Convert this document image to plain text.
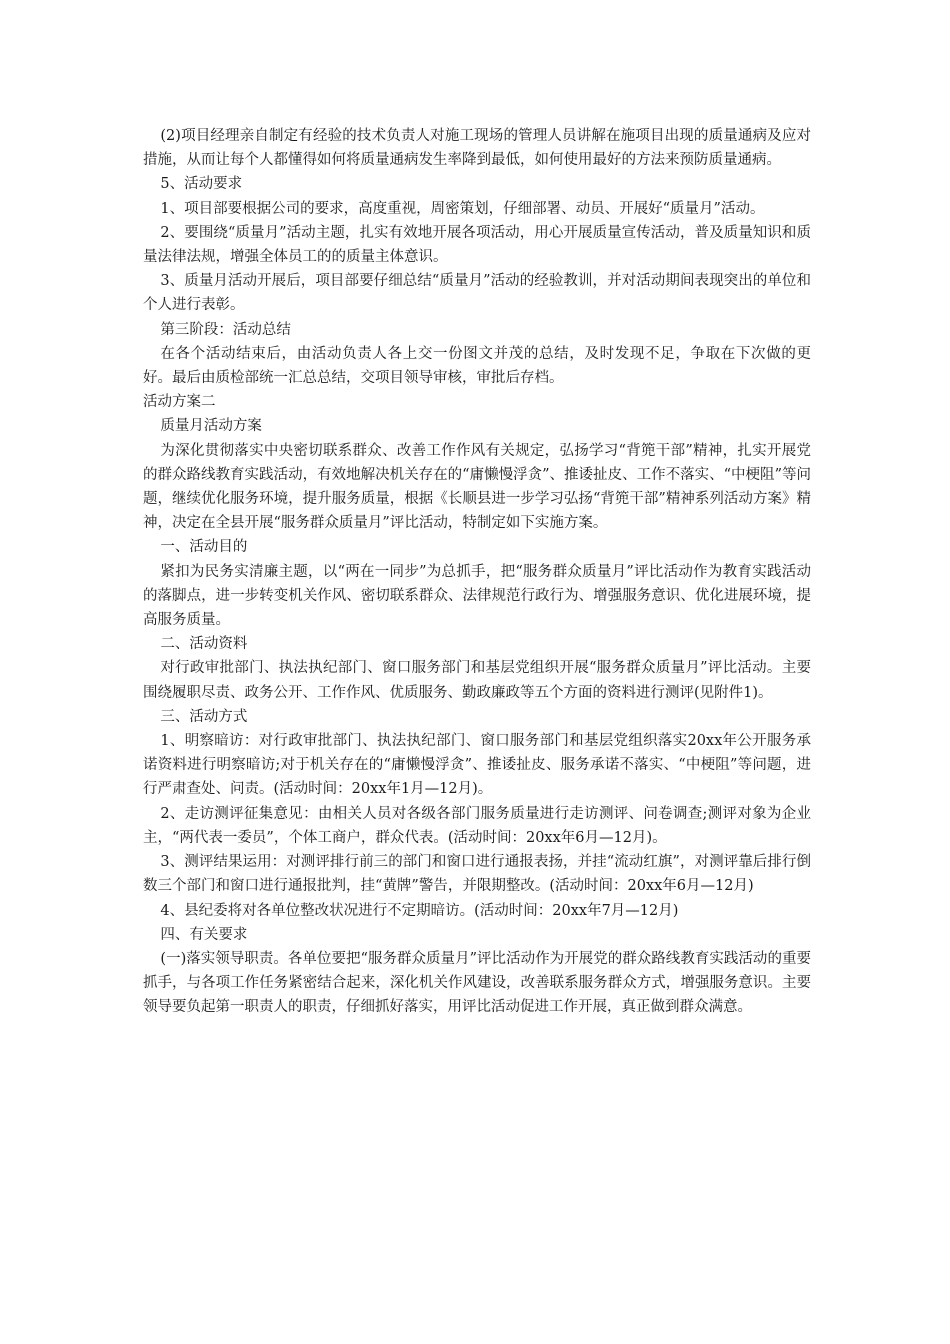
(2)项目经理亲自制定有经验的技术负责人对施工现场的管理人员讲解在施项目出现的质量通病及应对措施，从而让每个人都懂得如何将质量通病发生率降到最低，如何使用最好的方法来预防质量通病。

5、活动要求

1、项目部要根据公司的要求，高度重视，周密策划，仔细部署、动员、开展好“质量月”活动。

2、要围绕“质量月”活动主题，扎实有效地开展各项活动，用心开展质量宣传活动，普及质量知识和质量法律法规，增强全体员工的的质量主体意识。

3、质量月活动开展后，项目部要仔细总结“质量月”活动的经验教训，并对活动期间表现突出的单位和个人进行表彰。

第三阶段：活动总结

在各个活动结束后，由活动负责人各上交一份图文并茂的总结，及时发现不足，争取在下次做的更好。最后由质检部统一汇总总结，交项目领导审核，审批后存档。

活动方案二

质量月活动方案

为深化贯彻落实中央密切联系群众、改善工作作风有关规定，弘扬学习“背篼干部”精神，扎实开展党的群众路线教育实践活动，有效地解决机关存在的“庸懒慢浮贪”、推诿扯皮、工作不落实、“中梗阻”等问题，继续优化服务环境，提升服务质量，根据《长顺县进一步学习弘扬“背篼干部”精神系列活动方案》精神，决定在全县开展“服务群众质量月”评比活动，特制定如下实施方案。

一、活动目的

紧扣为民务实清廉主题，以“两在一同步”为总抓手，把“服务群众质量月”评比活动作为教育实践活动的落脚点，进一步转变机关作风、密切联系群众、法律规范行政行为、增强服务意识、优化进展环境，提高服务质量。

二、活动资料

对行政审批部门、执法执纪部门、窗口服务部门和基层党组织开展“服务群众质量月”评比活动。主要围绕履职尽责、政务公开、工作作风、优质服务、勤政廉政等五个方面的资料进行测评(见附件1)。

三、活动方式

1、明察暗访：对行政审批部门、执法执纪部门、窗口服务部门和基层党组织落实20xx年公开服务承诺资料进行明察暗访;对于机关存在的“庸懒慢浮贪”、推诿扯皮、服务承诺不落实、“中梗阻”等问题，进行严肃查处、问责。(活动时间：20xx年1月—12月)。

2、走访测评征集意见：由相关人员对各级各部门服务质量进行走访测评、问卷调查;测评对象为企业主，“两代表一委员”，个体工商户，群众代表。(活动时间：20xx年6月—12月)。

3、测评结果运用：对测评排行前三的部门和窗口进行通报表扬，并挂“流动红旗”，对测评靠后排行倒数三个部门和窗口进行通报批判，挂“黄牌”警告，并限期整改。(活动时间：20xx年6月—12月)

4、县纪委将对各单位整改状况进行不定期暗访。(活动时间：20xx年7月—12月)

四、有关要求

(一)落实领导职责。各单位要把“服务群众质量月”评比活动作为开展党的群众路线教育实践活动的重要抓手，与各项工作任务紧密结合起来，深化机关作风建设，改善联系服务群众方式，增强服务意识。主要领导要负起第一职责人的职责，仔细抓好落实，用评比活动促进工作开展，真正做到群众满意。
